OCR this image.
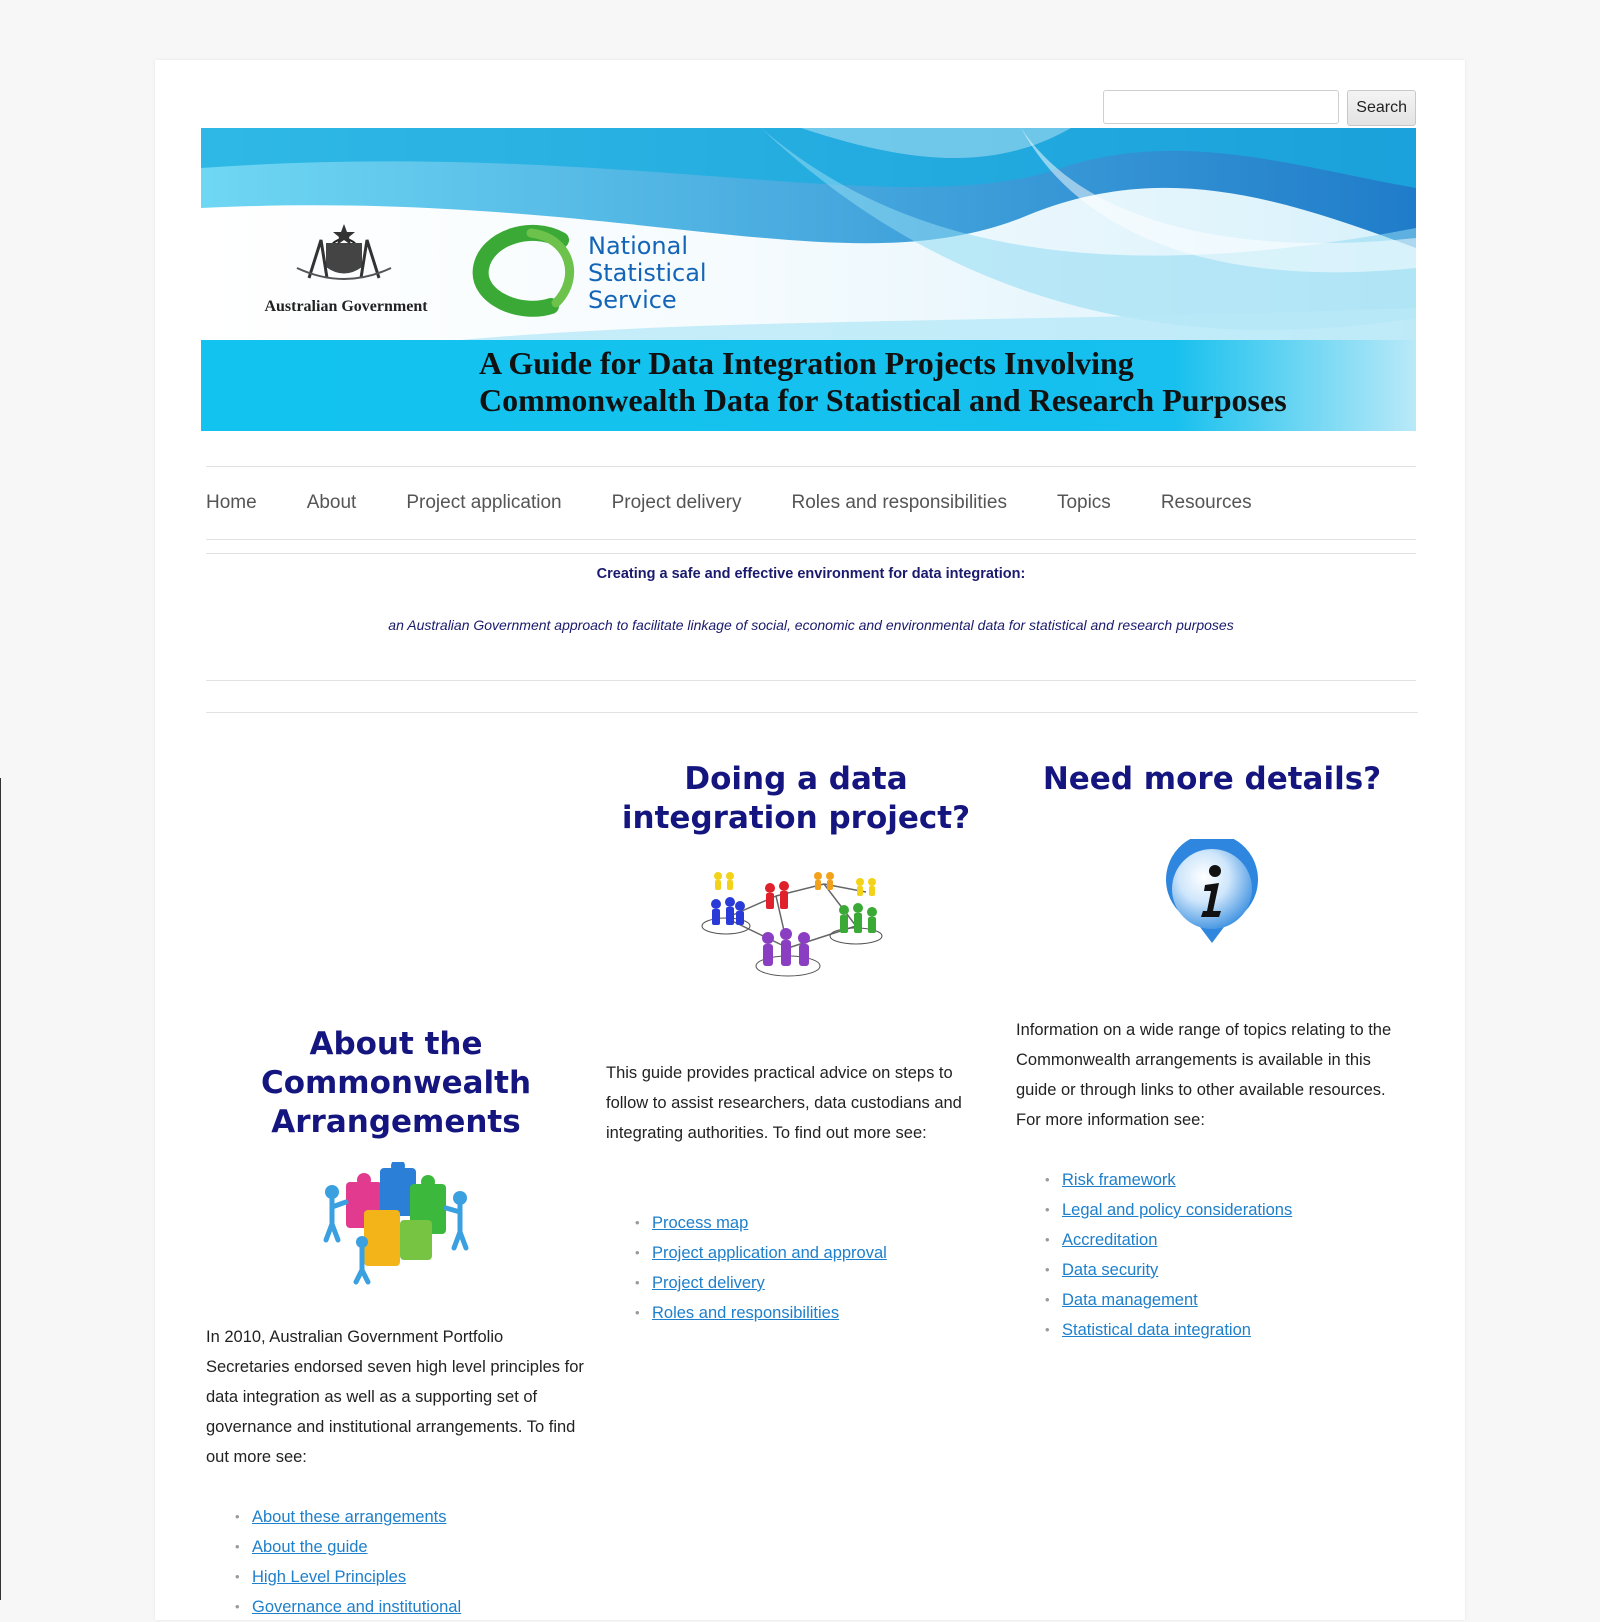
Search
Australian Government
National
Statistical
Service
A Guide for Data Integration Projects Involving
Commonwealth Data for Statistical and Research Purposes
Home	About	Project application	Project delivery	Roles and responsibilities	Topics	Resources
Creating a safe and effective environment for data integration:
an Australian Government approach to facilitate linkage of social, economic and environmental data for statistical and research purposes
About the
Commonwealth
Arrangements

In 2010, Australian Government Portfolio Secretaries endorsed seven high level principles for data integration as well as a supporting set of governance and institutional arrangements. To find out more see:

• About these arrangements
• About the guide
• High Level Principles
• Governance and institutional
Doing a data
integration project?

This guide provides practical advice on steps to follow to assist researchers, data custodians and integrating authorities. To find out more see:

• Process map
• Project application and approval
• Project delivery
• Roles and responsibilities
Need more details?

Information on a wide range of topics relating to the Commonwealth arrangements is available in this guide or through links to other available resources. For more information see:

• Risk framework
• Legal and policy considerations
• Accreditation
• Data security
• Data management
• Statistical data integration
